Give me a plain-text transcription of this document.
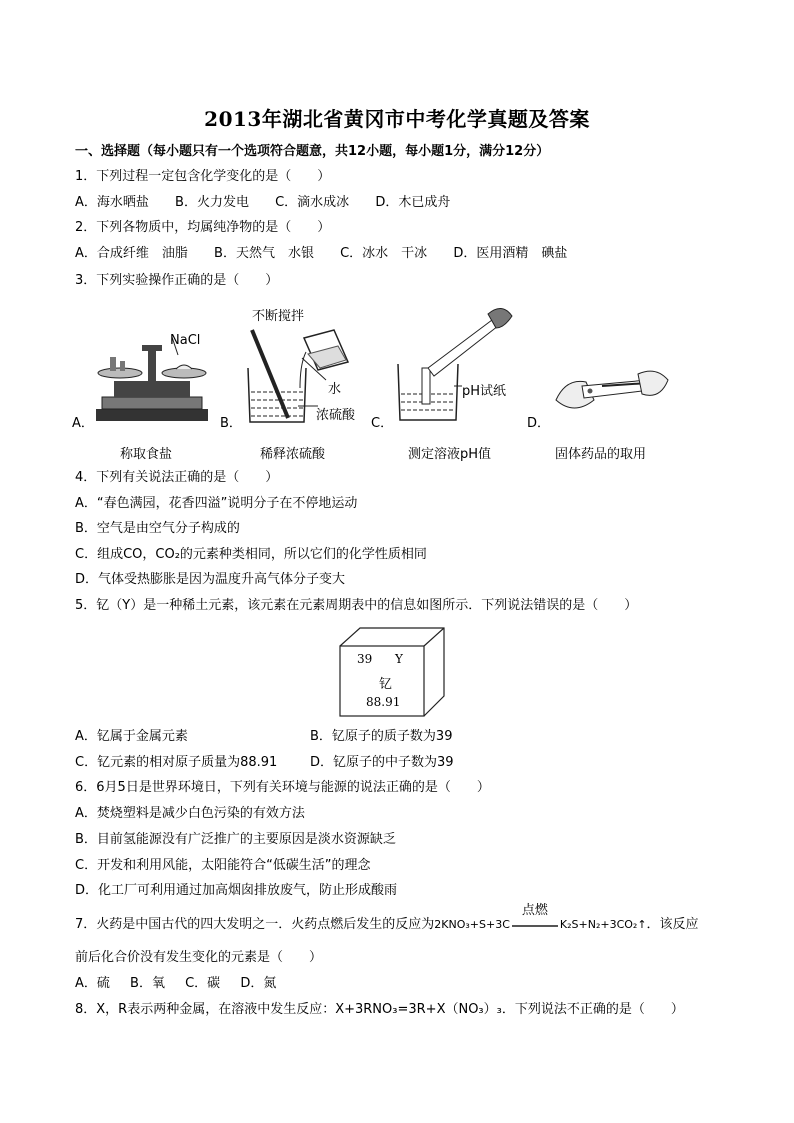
2013年湖北省黄冈市中考化学真题及答案
一、选择题（每小题只有一个选项符合题意，共12小题，每小题1分，满分12分）
1．下列过程一定包含化学变化的是（　　）
A．海水晒盐 B．火力发电 C．滴水成冰 D．木已成舟
2．下列各物质中，均属纯净物的是（　　）
A．合成纤维　油脂 B．天然气　水银 C．冰水　干冰 D．医用酒精　碘盐
3．下列实验操作正确的是（　　）
A．
NaCl
称取食盐
B．
不断搅拌
水
浓硫酸
稀释浓硫酸
C．
pH试纸
测定溶液pH值
D．
固体药品的取用
4．下列有关说法正确的是（　　）
A．“春色满园，花香四溢”说明分子在不停地运动
B．空气是由空气分子构成的
C．组成CO，CO₂的元素种类相同，所以它们的化学性质相同
D．气体受热膨胀是因为温度升高气体分子变大
5．钇（Y）是一种稀土元素，该元素在元素周期表中的信息如图所示．下列说法错误的是（　　）
39 Y
钇
88.91
A．钇属于金属元素	B．钇原子的质子数为39
C．钇元素的相对原子质量为88.91	D．钇原子的中子数为39
6．6月5日是世界环境日，下列有关环境与能源的说法正确的是（　　）
A．焚烧塑料是减少白色污染的有效方法
B．目前氢能源没有广泛推广的主要原因是淡水资源缺乏
C．开发和利用风能，太阳能符合“低碳生活”的理念
D．化工厂可利用通过加高烟囱排放废气，防止形成酸雨
7．火药是中国古代的四大发明之一．火药点燃后发生的反应为2KNO₃+S+3C
点燃
K₂S+N₂+3CO₂↑．该反应
前后化合价没有发生变化的元素是（　　）
A．硫 B．氧 C．碳 D．氮
8．X，R表示两种金属，在溶液中发生反应：X+3RNO₃=3R+X（NO₃）₃．下列说法不正确的是（　　）
